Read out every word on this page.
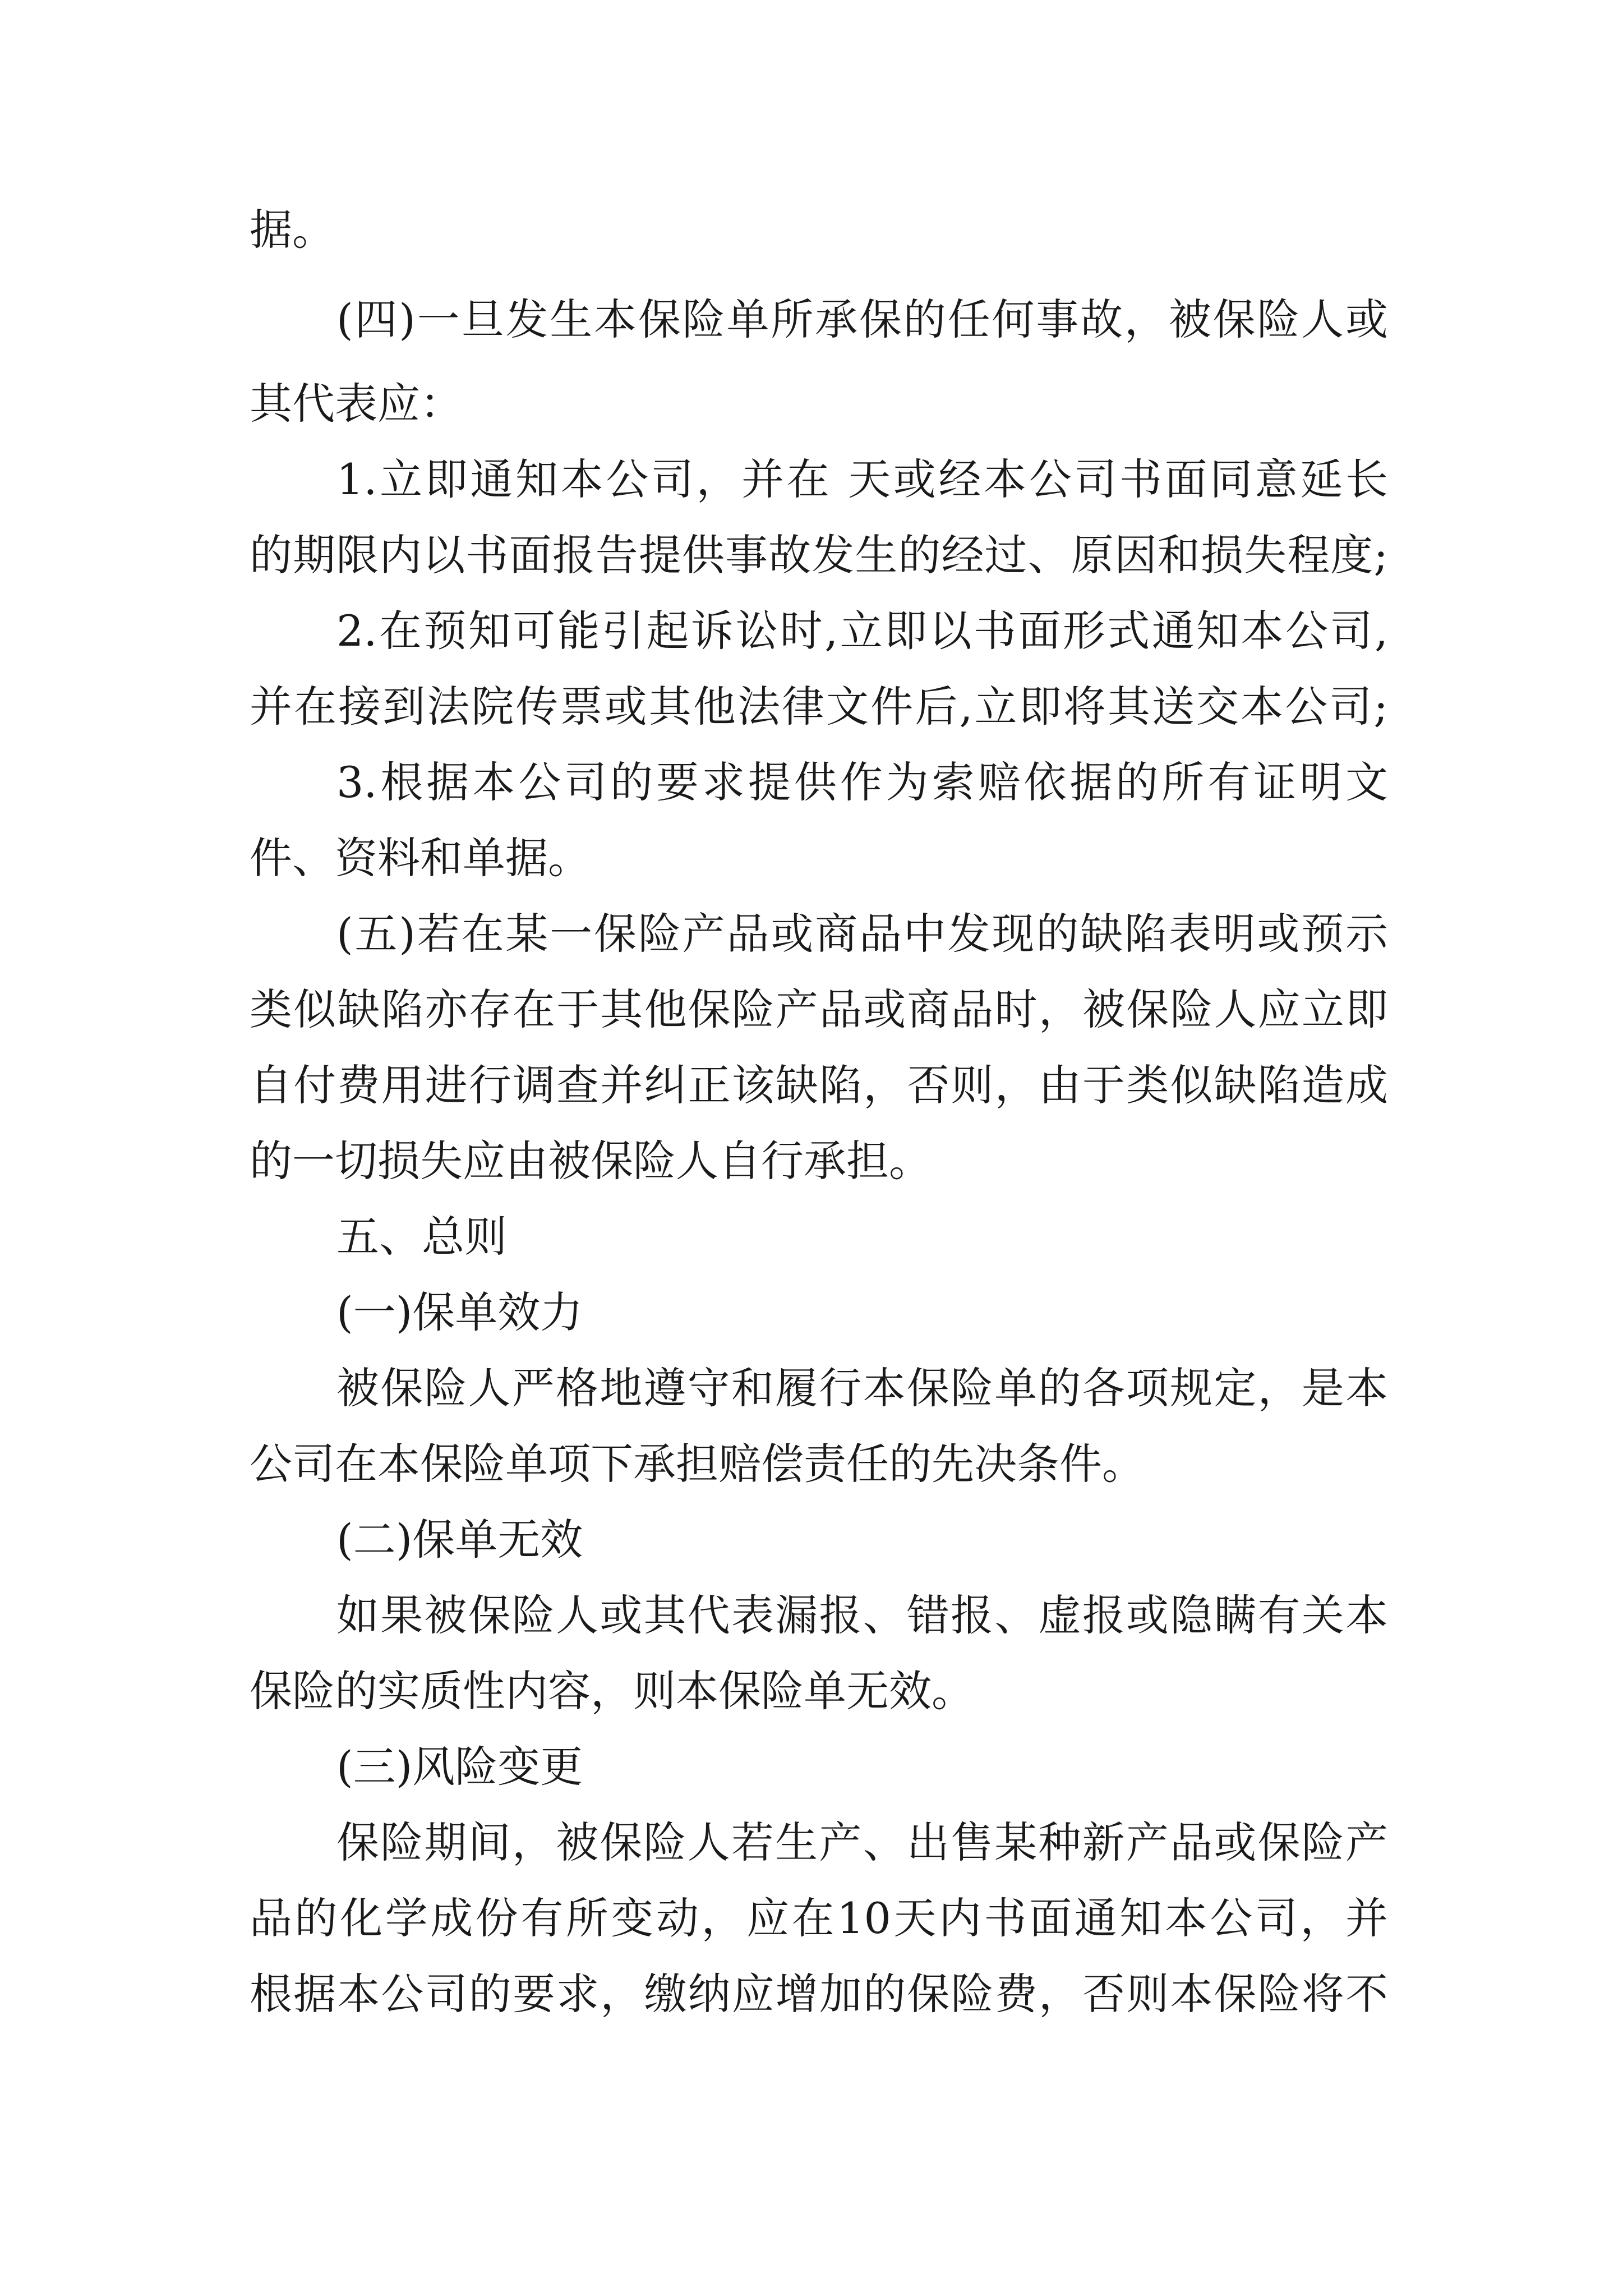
据。
(四)一旦发生本保险单所承保的任何事故，被保险人或
其代表应：
1.立即通知本公司，并在 天或经本公司书面同意延长
的期限内以书面报告提供事故发生的经过、原因和损失程度;
2.在预知可能引起诉讼时,立即以书面形式通知本公司,
并在接到法院传票或其他法律文件后,立即将其送交本公司;
3.根据本公司的要求提供作为索赔依据的所有证明文
件、资料和单据。
(五)若在某一保险产品或商品中发现的缺陷表明或预示
类似缺陷亦存在于其他保险产品或商品时，被保险人应立即
自付费用进行调查并纠正该缺陷，否则，由于类似缺陷造成
的一切损失应由被保险人自行承担。
五、总则
(一)保单效力
被保险人严格地遵守和履行本保险单的各项规定，是本
公司在本保险单项下承担赔偿责任的先决条件。
(二)保单无效
如果被保险人或其代表漏报、错报、虚报或隐瞒有关本
保险的实质性内容，则本保险单无效。
(三)风险变更
保险期间，被保险人若生产、出售某种新产品或保险产
品的化学成份有所变动，应在10天内书面通知本公司，并
根据本公司的要求，缴纳应增加的保险费，否则本保险将不
